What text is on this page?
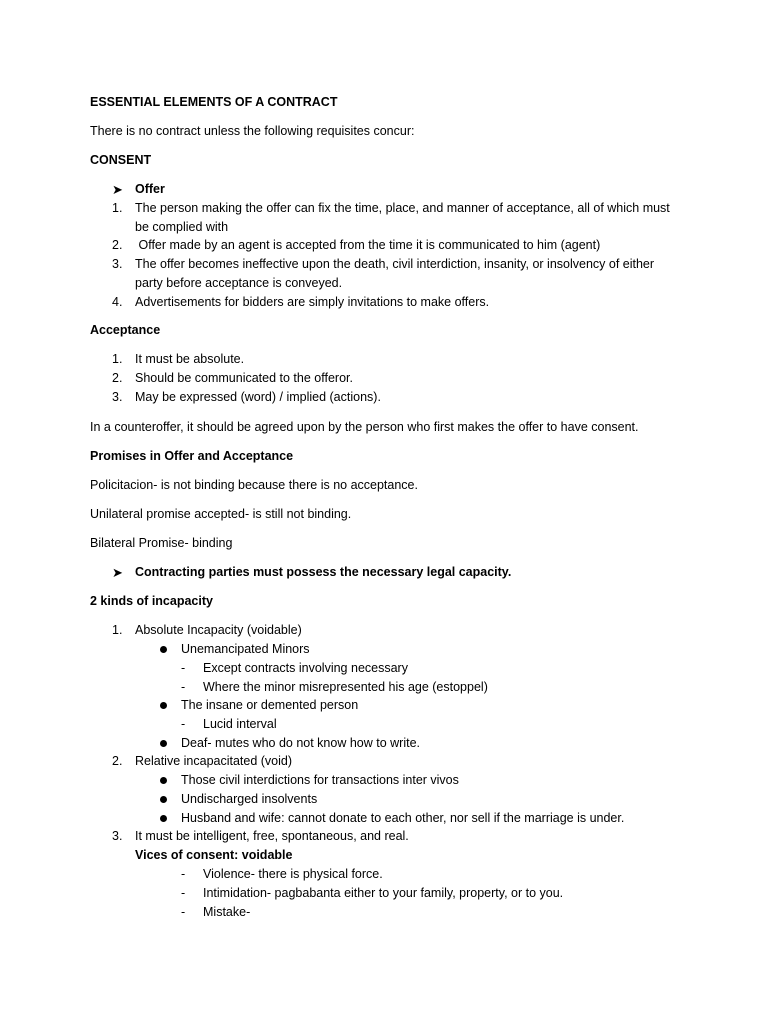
ESSENTIAL ELEMENTS OF A CONTRACT
There is no contract unless the following requisites concur:
CONSENT
➤ Offer
1. The person making the offer can fix the time, place, and manner of acceptance, all of which must
be complied with
2. Offer made by an agent is accepted from the time it is communicated to him (agent)
3. The offer becomes ineffective upon the death, civil interdiction, insanity, or insolvency of either
party before acceptance is conveyed.
4. Advertisements for bidders are simply invitations to make offers.
Acceptance
1. It must be absolute.
2. Should be communicated to the offeror.
3. May be expressed (word) / implied (actions).
In a counteroffer, it should be agreed upon by the person who first makes the offer to have consent.
Promises in Offer and Acceptance
Policitacion- is not binding because there is no acceptance.
Unilateral promise accepted- is still not binding.
Bilateral Promise- binding
➤ Contracting parties must possess the necessary legal capacity.
2 kinds of incapacity
1. Absolute Incapacity (voidable)
Unemancipated Minors
- Except contracts involving necessary
- Where the minor misrepresented his age (estoppel)
The insane or demented person
- Lucid interval
Deaf- mutes who do not know how to write.
2. Relative incapacitated (void)
Those civil interdictions for transactions inter vivos
Undischarged insolvents
Husband and wife: cannot donate to each other, nor sell if the marriage is under.
3. It must be intelligent, free, spontaneous, and real.
Vices of consent: voidable
- Violence- there is physical force.
- Intimidation- pagbabanta either to your family, property, or to you.
- Mistake-
